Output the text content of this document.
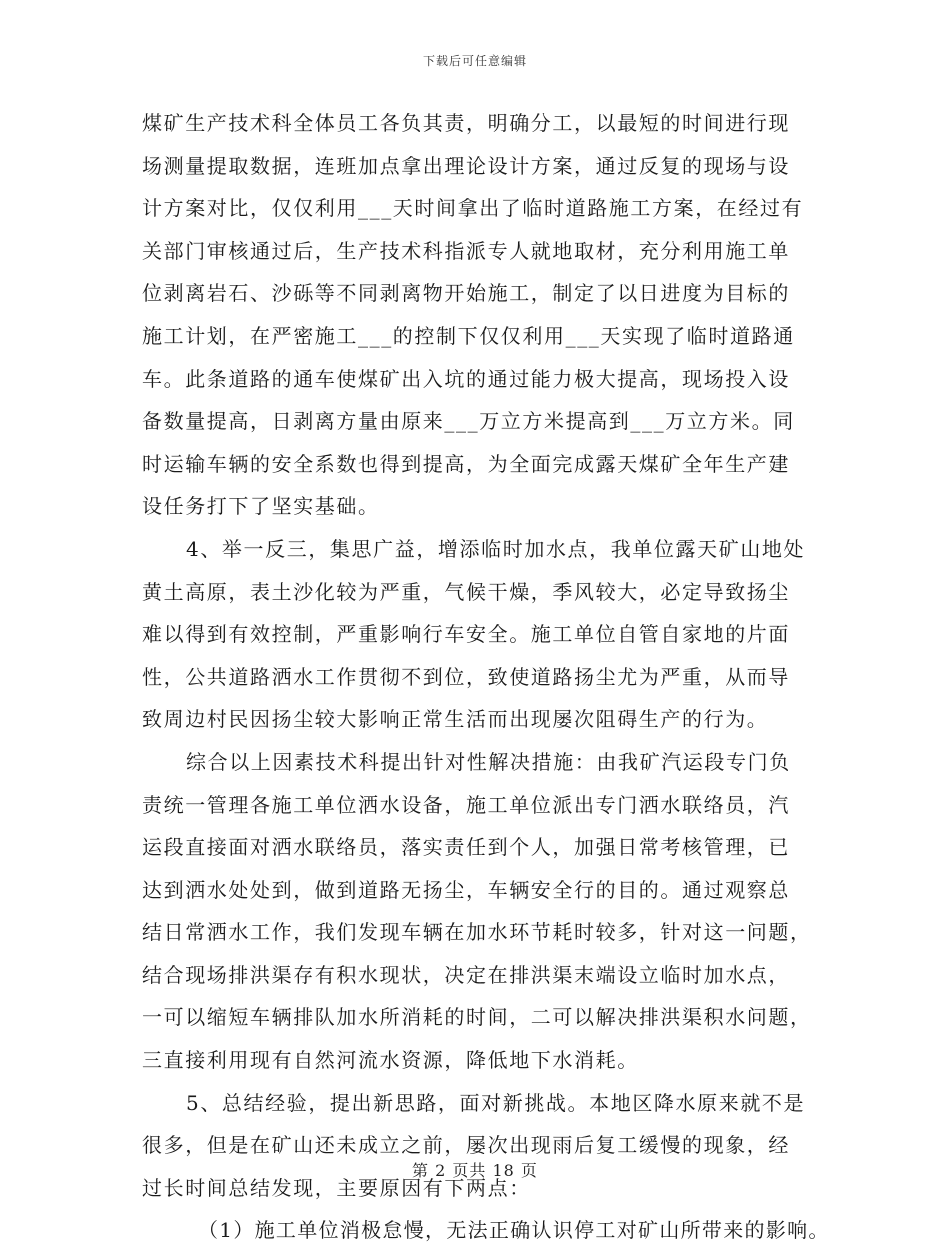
下载后可任意编辑
煤矿生产技术科全体员工各负其责，明确分工，以最短的时间进行现
场测量提取数据，连班加点拿出理论设计方案，通过反复的现场与设
计方案对比，仅仅利用___天时间拿出了临时道路施工方案，在经过有
关部门审核通过后，生产技术科指派专人就地取材，充分利用施工单
位剥离岩石、沙砾等不同剥离物开始施工，制定了以日进度为目标的
施工计划，在严密施工___的控制下仅仅利用___天实现了临时道路通
车。此条道路的通车使煤矿出入坑的通过能力极大提高，现场投入设
备数量提高，日剥离方量由原来___万立方米提高到___万立方米。同
时运输车辆的安全系数也得到提高，为全面完成露天煤矿全年生产建
设任务打下了坚实基础。
4、举一反三，集思广益，增添临时加水点，我单位露天矿山地处
黄土高原，表土沙化较为严重，气候干燥，季风较大，必定导致扬尘
难以得到有效控制，严重影响行车安全。施工单位自管自家地的片面
性，公共道路洒水工作贯彻不到位，致使道路扬尘尤为严重，从而导
致周边村民因扬尘较大影响正常生活而出现屡次阻碍生产的行为。
综合以上因素技术科提出针对性解决措施：由我矿汽运段专门负
责统一管理各施工单位洒水设备，施工单位派出专门洒水联络员，汽
运段直接面对洒水联络员，落实责任到个人，加强日常考核管理，已
达到洒水处处到，做到道路无扬尘，车辆安全行的目的。通过观察总
结日常洒水工作，我们发现车辆在加水环节耗时较多，针对这一问题，
结合现场排洪渠存有积水现状，决定在排洪渠末端设立临时加水点，
一可以缩短车辆排队加水所消耗的时间，二可以解决排洪渠积水问题，
三直接利用现有自然河流水资源，降低地下水消耗。
5、总结经验，提出新思路，面对新挑战。本地区降水原来就不是
很多，但是在矿山还未成立之前，屡次出现雨后复工缓慢的现象，经
过长时间总结发现，主要原因有下两点：
（1）施工单位消极怠慢，无法正确认识停工对矿山所带来的影响。
第 2 页共 18 页
